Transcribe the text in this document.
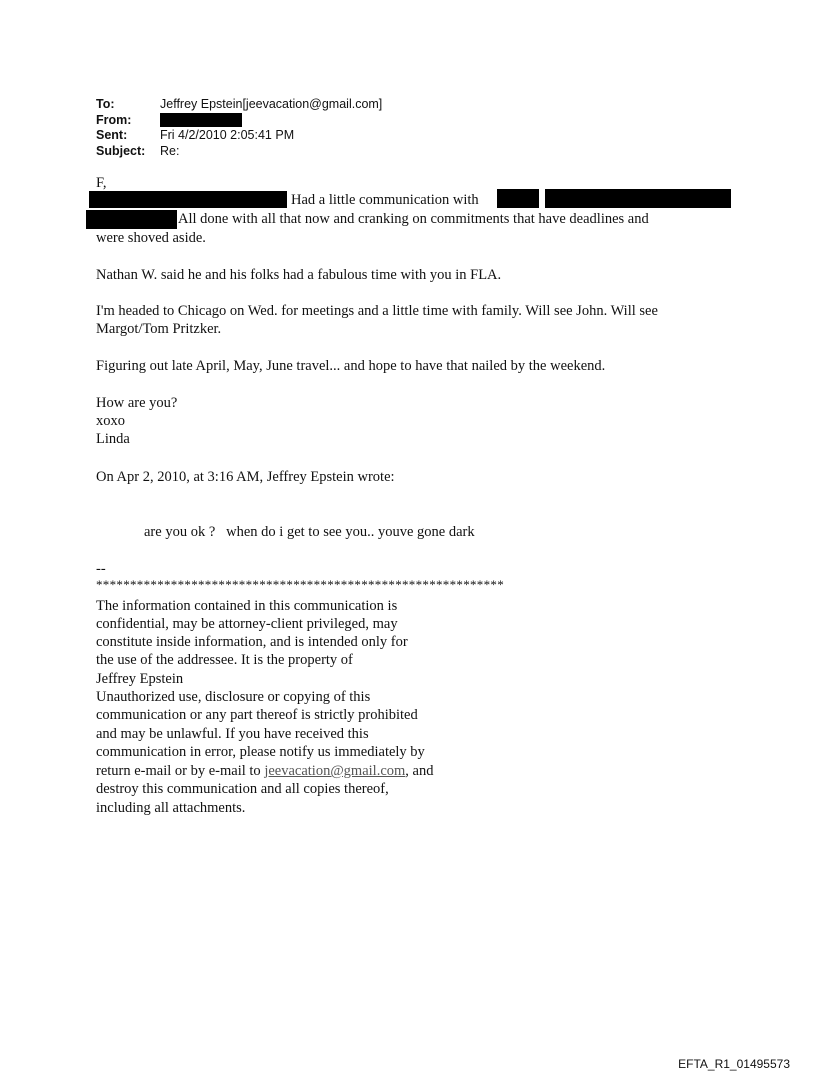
To:	Jeffrey Epstein[jeevacation@gmail.com]
From:
Sent:	Fri 4/2/2010 2:05:41 PM
Subject:	Re:
F,
Had a little communication with
All done with all that now and cranking on commitments that have deadlines and
were shoved aside.
Nathan W. said he and his folks had a fabulous time with you in FLA.
I'm headed to Chicago on Wed. for meetings and a little time with family. Will see John. Will see
Margot/Tom Pritzker.
Figuring out late April, May, June travel... and hope to have that nailed by the weekend.
How are you?
xoxo
Linda
On Apr 2, 2010, at 3:16 AM, Jeffrey Epstein wrote:
are you ok ?   when do i get to see you.. youve gone dark
--
************************************************************
The information contained in this communication is
confidential, may be attorney-client privileged, may
constitute inside information, and is intended only for
the use of the addressee. It is the property of
Jeffrey Epstein
Unauthorized use, disclosure or copying of this
communication or any part thereof is strictly prohibited
and may be unlawful. If you have received this
communication in error, please notify us immediately by
return e-mail or by e-mail to jeevacation@gmail.com, and
destroy this communication and all copies thereof,
including all attachments.
EFTA_R1_01495573
